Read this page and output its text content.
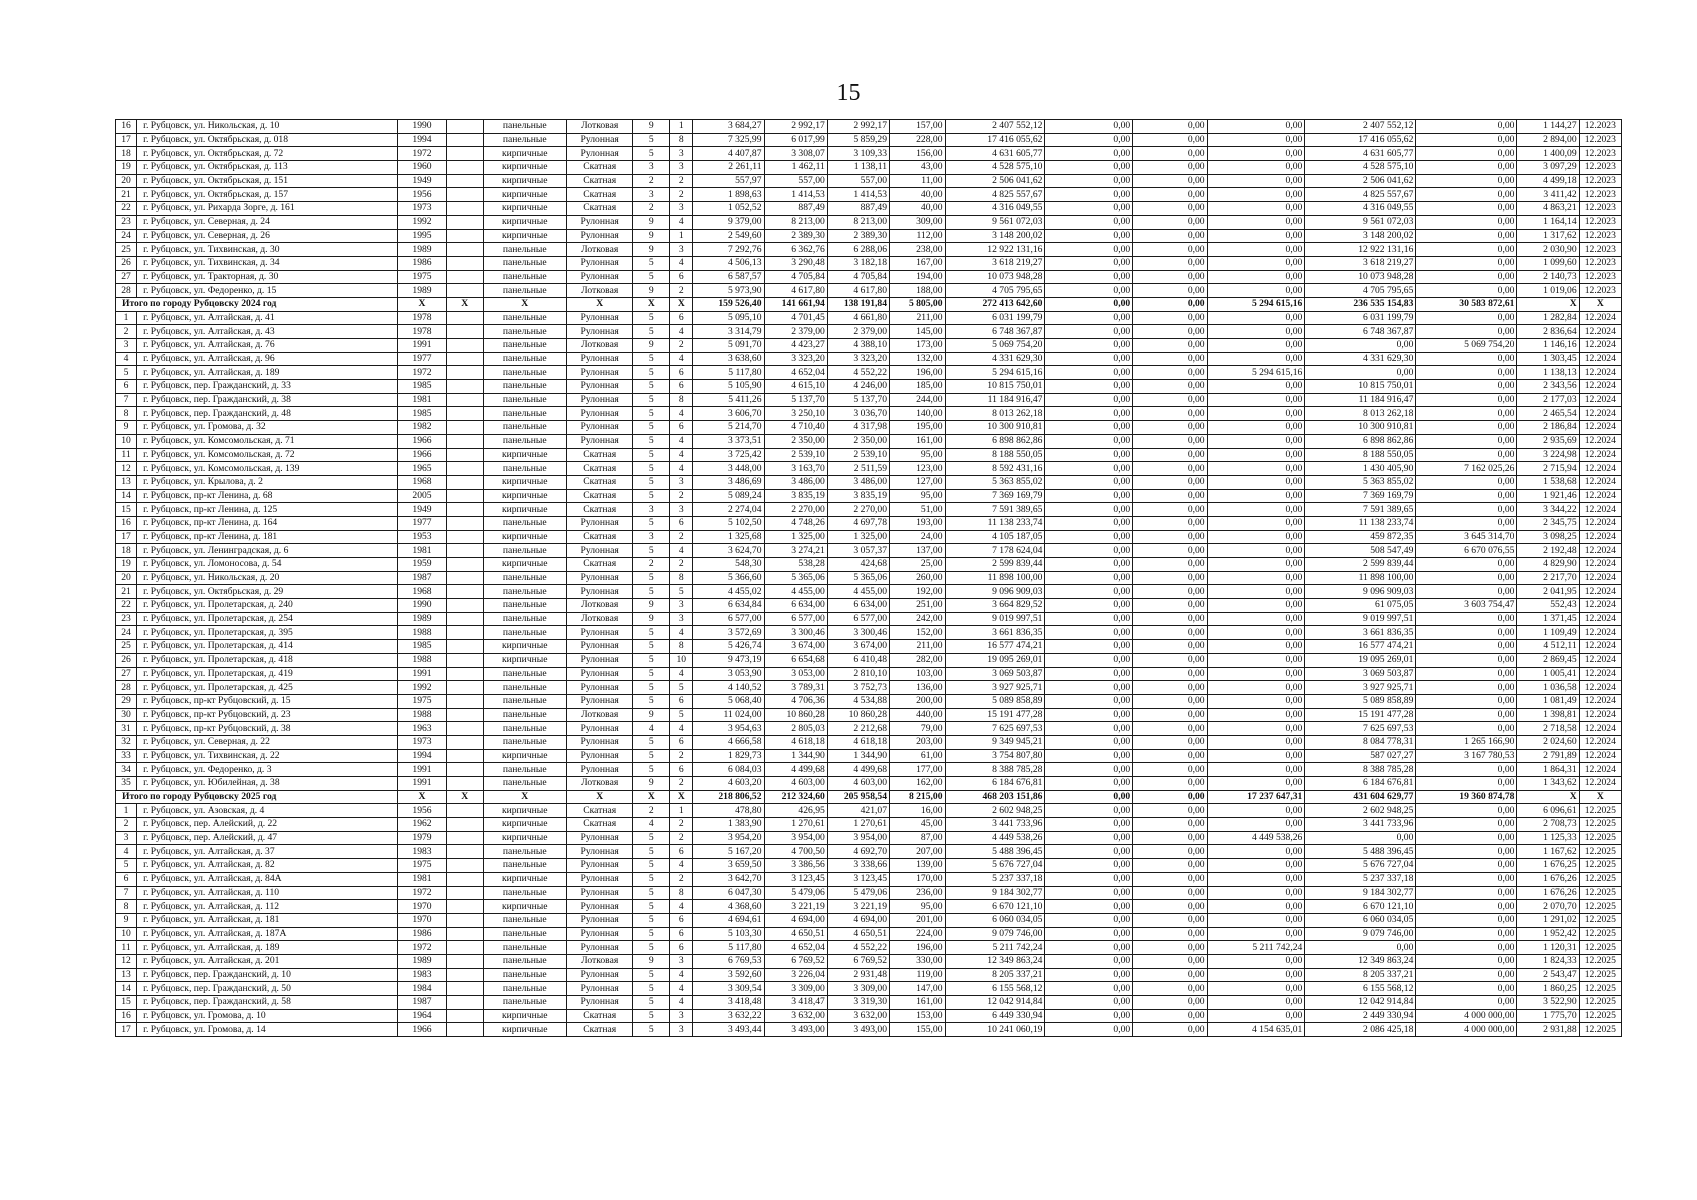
15
16	г. Рубцовск, ул. Никольская, д. 10	1990		панельные	Лотковая	9	1	3 684,27	2 992,17	2 992,17	157,00	2 407 552,12	0,00	0,00	0,00	2 407 552,12	0,00	1 144,27	12.2023
17	г. Рубцовск, ул. Октябрьская, д. 018	1994		панельные	Рулонная	5	8	7 325,99	6 017,99	5 859,29	228,00	17 416 055,62	0,00	0,00	0,00	17 416 055,62	0,00	2 894,00	12.2023
18	г. Рубцовск, ул. Октябрьская, д. 72	1972		кирпичные	Рулонная	5	3	4 407,87	3 308,07	3 109,33	156,00	4 631 605,77	0,00	0,00	0,00	4 631 605,77	0,00	1 400,09	12.2023
19	г. Рубцовск, ул. Октябрьская, д. 113	1960		кирпичные	Скатная	3	3	2 261,11	1 462,11	1 138,11	43,00	4 528 575,10	0,00	0,00	0,00	4 528 575,10	0,00	3 097,29	12.2023
20	г. Рубцовск, ул. Октябрьская, д. 151	1949		кирпичные	Скатная	2	2	557,97	557,00	557,00	11,00	2 506 041,62	0,00	0,00	0,00	2 506 041,62	0,00	4 499,18	12.2023
21	г. Рубцовск, ул. Октябрьская, д. 157	1956		кирпичные	Скатная	3	2	1 898,63	1 414,53	1 414,53	40,00	4 825 557,67	0,00	0,00	0,00	4 825 557,67	0,00	3 411,42	12.2023
22	г. Рубцовск, ул. Рихарда Зорге, д. 161	1973		кирпичные	Скатная	2	3	1 052,52	887,49	887,49	40,00	4 316 049,55	0,00	0,00	0,00	4 316 049,55	0,00	4 863,21	12.2023
23	г. Рубцовск, ул. Северная, д. 24	1992		кирпичные	Рулонная	9	4	9 379,00	8 213,00	8 213,00	309,00	9 561 072,03	0,00	0,00	0,00	9 561 072,03	0,00	1 164,14	12.2023
24	г. Рубцовск, ул. Северная, д. 26	1995		кирпичные	Рулонная	9	1	2 549,60	2 389,30	2 389,30	112,00	3 148 200,02	0,00	0,00	0,00	3 148 200,02	0,00	1 317,62	12.2023
25	г. Рубцовск, ул. Тихвинская, д. 30	1989		панельные	Лотковая	9	3	7 292,76	6 362,76	6 288,06	238,00	12 922 131,16	0,00	0,00	0,00	12 922 131,16	0,00	2 030,90	12.2023
26	г. Рубцовск, ул. Тихвинская, д. 34	1986		панельные	Рулонная	5	4	4 506,13	3 290,48	3 182,18	167,00	3 618 219,27	0,00	0,00	0,00	3 618 219,27	0,00	1 099,60	12.2023
27	г. Рубцовск, ул. Тракторная, д. 30	1975		панельные	Рулонная	5	6	6 587,57	4 705,84	4 705,84	194,00	10 073 948,28	0,00	0,00	0,00	10 073 948,28	0,00	2 140,73	12.2023
28	г. Рубцовск, ул. Федоренко, д. 15	1989		панельные	Лотковая	9	2	5 973,90	4 617,80	4 617,80	188,00	4 705 795,65	0,00	0,00	0,00	4 705 795,65	0,00	1 019,06	12.2023
Итого по городу Рубцовску 2024 год		X	X	X	X	X	X	159 526,40	141 661,94	138 191,84	5 805,00	272 413 642,60	0,00	0,00	5 294 615,16	236 535 154,83	30 583 872,61	X	X
1	г. Рубцовск, ул. Алтайская, д. 41	1978		панельные	Рулонная	5	6	5 095,10	4 701,45	4 661,80	211,00	6 031 199,79	0,00	0,00	0,00	6 031 199,79	0,00	1 282,84	12.2024
2	г. Рубцовск, ул. Алтайская, д. 43	1978		панельные	Рулонная	5	4	3 314,79	2 379,00	2 379,00	145,00	6 748 367,87	0,00	0,00	0,00	6 748 367,87	0,00	2 836,64	12.2024
3	г. Рубцовск, ул. Алтайская, д. 76	1991		панельные	Лотковая	9	2	5 091,70	4 423,27	4 388,10	173,00	5 069 754,20	0,00	0,00	0,00	0,00	5 069 754,20	1 146,16	12.2024
4	г. Рубцовск, ул. Алтайская, д. 96	1977		панельные	Рулонная	5	4	3 638,60	3 323,20	3 323,20	132,00	4 331 629,30	0,00	0,00	0,00	4 331 629,30	0,00	1 303,45	12.2024
5	г. Рубцовск, ул. Алтайская, д. 189	1972		панельные	Рулонная	5	6	5 117,80	4 652,04	4 552,22	196,00	5 294 615,16	0,00	0,00	5 294 615,16	0,00	0,00	1 138,13	12.2024
6	г. Рубцовск, пер. Гражданский, д. 33	1985		панельные	Рулонная	5	6	5 105,90	4 615,10	4 246,00	185,00	10 815 750,01	0,00	0,00	0,00	10 815 750,01	0,00	2 343,56	12.2024
7	г. Рубцовск, пер. Гражданский, д. 38	1981		панельные	Рулонная	5	8	5 411,26	5 137,70	5 137,70	244,00	11 184 916,47	0,00	0,00	0,00	11 184 916,47	0,00	2 177,03	12.2024
8	г. Рубцовск, пер. Гражданский, д. 48	1985		панельные	Рулонная	5	4	3 606,70	3 250,10	3 036,70	140,00	8 013 262,18	0,00	0,00	0,00	8 013 262,18	0,00	2 465,54	12.2024
9	г. Рубцовск, ул. Громова, д. 32	1982		панельные	Рулонная	5	6	5 214,70	4 710,40	4 317,98	195,00	10 300 910,81	0,00	0,00	0,00	10 300 910,81	0,00	2 186,84	12.2024
10	г. Рубцовск, ул. Комсомольская, д. 71	1966		панельные	Рулонная	5	4	3 373,51	2 350,00	2 350,00	161,00	6 898 862,86	0,00	0,00	0,00	6 898 862,86	0,00	2 935,69	12.2024
11	г. Рубцовск, ул. Комсомольская, д. 72	1966		кирпичные	Скатная	5	4	3 725,42	2 539,10	2 539,10	95,00	8 188 550,05	0,00	0,00	0,00	8 188 550,05	0,00	3 224,98	12.2024
12	г. Рубцовск, ул. Комсомольская, д. 139	1965		панельные	Скатная	5	4	3 448,00	3 163,70	2 511,59	123,00	8 592 431,16	0,00	0,00	0,00	1 430 405,90	7 162 025,26	2 715,94	12.2024
13	г. Рубцовск, ул. Крылова, д. 2	1968		кирпичные	Скатная	5	3	3 486,69	3 486,00	3 486,00	127,00	5 363 855,02	0,00	0,00	0,00	5 363 855,02	0,00	1 538,68	12.2024
14	г. Рубцовск, пр-кт Ленина, д. 68	2005		кирпичные	Скатная	5	2	5 089,24	3 835,19	3 835,19	95,00	7 369 169,79	0,00	0,00	0,00	7 369 169,79	0,00	1 921,46	12.2024
15	г. Рубцовск, пр-кт Ленина, д. 125	1949		кирпичные	Скатная	3	3	2 274,04	2 270,00	2 270,00	51,00	7 591 389,65	0,00	0,00	0,00	7 591 389,65	0,00	3 344,22	12.2024
16	г. Рубцовск, пр-кт Ленина, д. 164	1977		панельные	Рулонная	5	6	5 102,50	4 748,26	4 697,78	193,00	11 138 233,74	0,00	0,00	0,00	11 138 233,74	0,00	2 345,75	12.2024
17	г. Рубцовск, пр-кт Ленина, д. 181	1953		кирпичные	Скатная	3	2	1 325,68	1 325,00	1 325,00	24,00	4 105 187,05	0,00	0,00	0,00	459 872,35	3 645 314,70	3 098,25	12.2024
18	г. Рубцовск, ул. Ленинградская, д. 6	1981		панельные	Рулонная	5	4	3 624,70	3 274,21	3 057,37	137,00	7 178 624,04	0,00	0,00	0,00	508 547,49	6 670 076,55	2 192,48	12.2024
19	г. Рубцовск, ул. Ломоносова, д. 54	1959		кирпичные	Скатная	2	2	548,30	538,28	424,68	25,00	2 599 839,44	0,00	0,00	0,00	2 599 839,44	0,00	4 829,90	12.2024
20	г. Рубцовск, ул. Никольская, д. 20	1987		панельные	Рулонная	5	8	5 366,60	5 365,06	5 365,06	260,00	11 898 100,00	0,00	0,00	0,00	11 898 100,00	0,00	2 217,70	12.2024
21	г. Рубцовск, ул. Октябрьская, д. 29	1968		панельные	Рулонная	5	5	4 455,02	4 455,00	4 455,00	192,00	9 096 909,03	0,00	0,00	0,00	9 096 909,03	0,00	2 041,95	12.2024
22	г. Рубцовск, ул. Пролетарская, д. 240	1990		панельные	Лотковая	9	3	6 634,84	6 634,00	6 634,00	251,00	3 664 829,52	0,00	0,00	0,00	61 075,05	3 603 754,47	552,43	12.2024
23	г. Рубцовск, ул. Пролетарская, д. 254	1989		панельные	Лотковая	9	3	6 577,00	6 577,00	6 577,00	242,00	9 019 997,51	0,00	0,00	0,00	9 019 997,51	0,00	1 371,45	12.2024
24	г. Рубцовск, ул. Пролетарская, д. 395	1988		панельные	Рулонная	5	4	3 572,69	3 300,46	3 300,46	152,00	3 661 836,35	0,00	0,00	0,00	3 661 836,35	0,00	1 109,49	12.2024
25	г. Рубцовск, ул. Пролетарская, д. 414	1985		кирпичные	Рулонная	5	8	5 426,74	3 674,00	3 674,00	211,00	16 577 474,21	0,00	0,00	0,00	16 577 474,21	0,00	4 512,11	12.2024
26	г. Рубцовск, ул. Пролетарская, д. 418	1988		кирпичные	Рулонная	5	10	9 473,19	6 654,68	6 410,48	282,00	19 095 269,01	0,00	0,00	0,00	19 095 269,01	0,00	2 869,45	12.2024
27	г. Рубцовск, ул. Пролетарская, д. 419	1991		панельные	Рулонная	5	4	3 053,90	3 053,00	2 810,10	103,00	3 069 503,87	0,00	0,00	0,00	3 069 503,87	0,00	1 005,41	12.2024
28	г. Рубцовск, ул. Пролетарская, д. 425	1992		панельные	Рулонная	5	5	4 140,52	3 789,31	3 752,73	136,00	3 927 925,71	0,00	0,00	0,00	3 927 925,71	0,00	1 036,58	12.2024
29	г. Рубцовск, пр-кт Рубцовский, д. 15	1975		панельные	Рулонная	5	6	5 068,40	4 706,36	4 534,88	200,00	5 089 858,89	0,00	0,00	0,00	5 089 858,89	0,00	1 081,49	12.2024
30	г. Рубцовск, пр-кт Рубцовский, д. 23	1988		панельные	Лотковая	9	5	11 024,00	10 860,28	10 860,28	440,00	15 191 477,28	0,00	0,00	0,00	15 191 477,28	0,00	1 398,81	12.2024
31	г. Рубцовск, пр-кт Рубцовский, д. 38	1963		панельные	Рулонная	4	4	3 954,63	2 805,03	2 212,68	79,00	7 625 697,53	0,00	0,00	0,00	7 625 697,53	0,00	2 718,58	12.2024
32	г. Рубцовск, ул. Северная, д. 22	1973		панельные	Рулонная	5	6	4 666,58	4 618,18	4 618,18	203,00	9 349 945,21	0,00	0,00	0,00	8 084 778,31	1 265 166,90	2 024,60	12.2024
33	г. Рубцовск, ул. Тихвинская, д. 22	1994		кирпичные	Рулонная	5	2	1 829,73	1 344,90	1 344,90	61,00	3 754 807,80	0,00	0,00	0,00	587 027,27	3 167 780,53	2 791,89	12.2024
34	г. Рубцовск, ул. Федоренко, д. 3	1991		панельные	Рулонная	5	6	6 084,03	4 499,68	4 499,68	177,00	8 388 785,28	0,00	0,00	0,00	8 388 785,28	0,00	1 864,31	12.2024
35	г. Рубцовск, ул. Юбилейная, д. 38	1991		панельные	Лотковая	9	2	4 603,20	4 603,00	4 603,00	162,00	6 184 676,81	0,00	0,00	0,00	6 184 676,81	0,00	1 343,62	12.2024
Итого по городу Рубцовску 2025 год		X	X	X	X	X	X	218 806,52	212 324,60	205 958,54	8 215,00	468 203 151,86	0,00	0,00	17 237 647,31	431 604 629,77	19 360 874,78	X	X
1	г. Рубцовск, ул. Азовская, д. 4	1956		кирпичные	Скатная	2	1	478,80	426,95	421,07	16,00	2 602 948,25	0,00	0,00	0,00	2 602 948,25	0,00	6 096,61	12.2025
2	г. Рубцовск, пер. Алейский, д. 22	1962		кирпичные	Скатная	4	2	1 383,90	1 270,61	1 270,61	45,00	3 441 733,96	0,00	0,00	0,00	3 441 733,96	0,00	2 708,73	12.2025
3	г. Рубцовск, пер. Алейский, д. 47	1979		кирпичные	Рулонная	5	2	3 954,20	3 954,00	3 954,00	87,00	4 449 538,26	0,00	0,00	4 449 538,26	0,00	0,00	1 125,33	12.2025
4	г. Рубцовск, ул. Алтайская, д. 37	1983		панельные	Рулонная	5	6	5 167,20	4 700,50	4 692,70	207,00	5 488 396,45	0,00	0,00	0,00	5 488 396,45	0,00	1 167,62	12.2025
5	г. Рубцовск, ул. Алтайская, д. 82	1975		панельные	Рулонная	5	4	3 659,50	3 386,56	3 338,66	139,00	5 676 727,04	0,00	0,00	0,00	5 676 727,04	0,00	1 676,25	12.2025
6	г. Рубцовск, ул. Алтайская, д. 84А	1981		кирпичные	Рулонная	5	2	3 642,70	3 123,45	3 123,45	170,00	5 237 337,18	0,00	0,00	0,00	5 237 337,18	0,00	1 676,26	12.2025
7	г. Рубцовск, ул. Алтайская, д. 110	1972		панельные	Рулонная	5	8	6 047,30	5 479,06	5 479,06	236,00	9 184 302,77	0,00	0,00	0,00	9 184 302,77	0,00	1 676,26	12.2025
8	г. Рубцовск, ул. Алтайская, д. 112	1970		кирпичные	Рулонная	5	4	4 368,60	3 221,19	3 221,19	95,00	6 670 121,10	0,00	0,00	0,00	6 670 121,10	0,00	2 070,70	12.2025
9	г. Рубцовск, ул. Алтайская, д. 181	1970		панельные	Рулонная	5	6	4 694,61	4 694,00	4 694,00	201,00	6 060 034,05	0,00	0,00	0,00	6 060 034,05	0,00	1 291,02	12.2025
10	г. Рубцовск, ул. Алтайская, д. 187А	1986		панельные	Рулонная	5	6	5 103,30	4 650,51	4 650,51	224,00	9 079 746,00	0,00	0,00	0,00	9 079 746,00	0,00	1 952,42	12.2025
11	г. Рубцовск, ул. Алтайская, д. 189	1972		панельные	Рулонная	5	6	5 117,80	4 652,04	4 552,22	196,00	5 211 742,24	0,00	0,00	5 211 742,24	0,00	0,00	1 120,31	12.2025
12	г. Рубцовск, ул. Алтайская, д. 201	1989		панельные	Лотковая	9	3	6 769,53	6 769,52	6 769,52	330,00	12 349 863,24	0,00	0,00	0,00	12 349 863,24	0,00	1 824,33	12.2025
13	г. Рубцовск, пер. Гражданский, д. 10	1983		панельные	Рулонная	5	4	3 592,60	3 226,04	2 931,48	119,00	8 205 337,21	0,00	0,00	0,00	8 205 337,21	0,00	2 543,47	12.2025
14	г. Рубцовск, пер. Гражданский, д. 50	1984		панельные	Рулонная	5	4	3 309,54	3 309,00	3 309,00	147,00	6 155 568,12	0,00	0,00	0,00	6 155 568,12	0,00	1 860,25	12.2025
15	г. Рубцовск, пер. Гражданский, д. 58	1987		панельные	Рулонная	5	4	3 418,48	3 418,47	3 319,30	161,00	12 042 914,84	0,00	0,00	0,00	12 042 914,84	0,00	3 522,90	12.2025
16	г. Рубцовск, ул. Громова, д. 10	1964		кирпичные	Скатная	5	3	3 632,22	3 632,00	3 632,00	153,00	6 449 330,94	0,00	0,00	0,00	2 449 330,94	4 000 000,00	1 775,70	12.2025
17	г. Рубцовск, ул. Громова, д. 14	1966		кирпичные	Скатная	5	3	3 493,44	3 493,00	3 493,00	155,00	10 241 060,19	0,00	0,00	4 154 635,01	2 086 425,18	4 000 000,00	2 931,88	12.2025
